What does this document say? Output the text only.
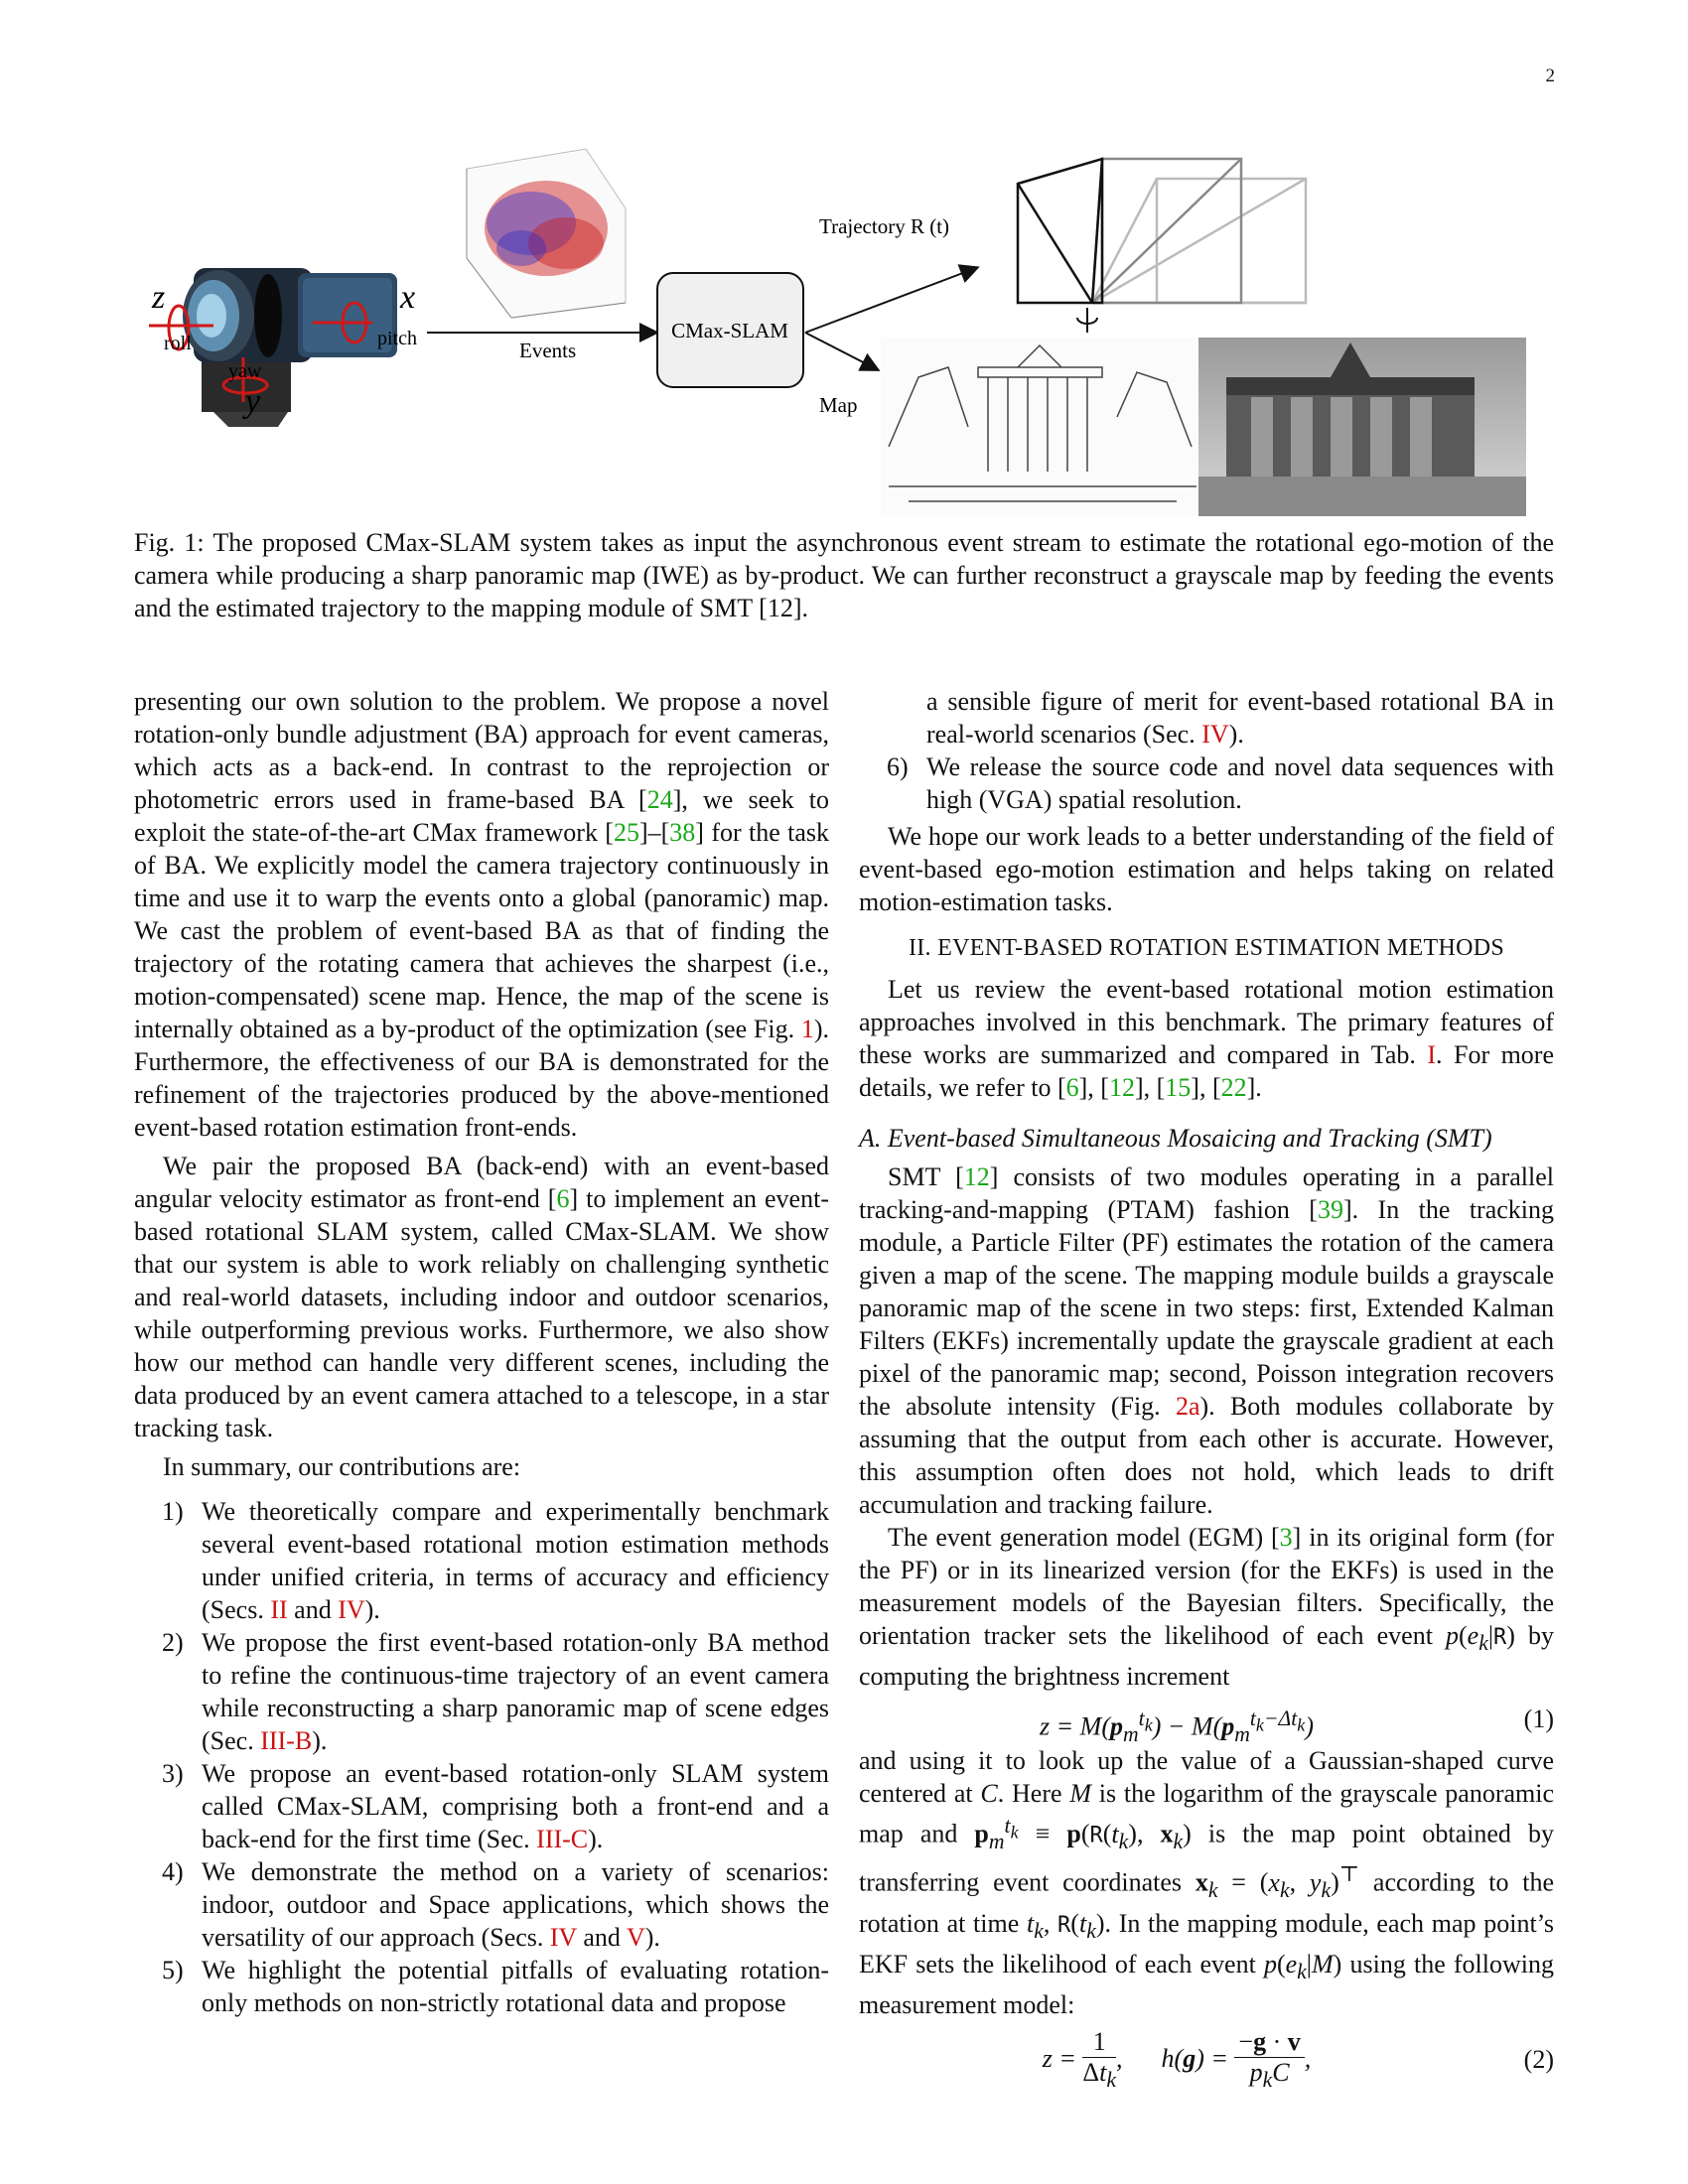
2
z	x
y
roll	pitch
yaw
Events
CMax-SLAM
Trajectory R (t)
Map
Fig. 1: The proposed CMax-SLAM system takes as input the asynchronous event stream to estimate the rotational ego-motion of the camera while producing a sharp panoramic map (IWE) as by-product. We can further reconstruct a grayscale map by feeding the events and the estimated trajectory to the mapping module of SMT [12].

presenting our own solution to the problem. We propose a novel rotation-only bundle adjustment (BA) approach for event cameras, which acts as a back-end. In contrast to the reprojection or photometric errors used in frame-based BA [24], we seek to exploit the state-of-the-art CMax framework [25]–[38] for the task of BA. We explicitly model the camera trajectory continuously in time and use it to warp the events onto a global (panoramic) map. We cast the problem of event-based BA as that of finding the trajectory of the rotating camera that achieves the sharpest (i.e., motion-compensated) scene map. Hence, the map of the scene is internally obtained as a by-product of the optimization (see Fig. 1). Furthermore, the effectiveness of our BA is demonstrated for the refinement of the trajectories produced by the above-mentioned event-based rotation estimation front-ends.

We pair the proposed BA (back-end) with an event-based angular velocity estimator as front-end [6] to implement an event-based rotational SLAM system, called CMax-SLAM. We show that our system is able to work reliably on challenging synthetic and real-world datasets, including indoor and outdoor scenarios, while outperforming previous works. Furthermore, we also show how our method can handle very different scenes, including the data produced by an event camera attached to a telescope, in a star tracking task.

In summary, our contributions are:

1) We theoretically compare and experimentally benchmark several event-based rotational motion estimation methods under unified criteria, in terms of accuracy and efficiency (Secs. II and IV).
2) We propose the first event-based rotation-only BA method to refine the continuous-time trajectory of an event camera while reconstructing a sharp panoramic map of scene edges (Sec. III-B).
3) We propose an event-based rotation-only SLAM system called CMax-SLAM, comprising both a front-end and a back-end for the first time (Sec. III-C).
4) We demonstrate the method on a variety of scenarios: indoor, outdoor and Space applications, which shows the versatility of our approach (Secs. IV and V).
5) We highlight the potential pitfalls of evaluating rotation-only methods on non-strictly rotational data and propose
a sensible figure of merit for event-based rotational BA in real-world scenarios (Sec. IV).
6) We release the source code and novel data sequences with high (VGA) spatial resolution.

We hope our work leads to a better understanding of the field of event-based ego-motion estimation and helps taking on related motion-estimation tasks.

II. EVENT-BASED ROTATION ESTIMATION METHODS

Let us review the event-based rotational motion estimation approaches involved in this benchmark. The primary features of these works are summarized and compared in Tab. I. For more details, we refer to [6], [12], [15], [22].

A. Event-based Simultaneous Mosaicing and Tracking (SMT)

SMT [12] consists of two modules operating in a parallel tracking-and-mapping (PTAM) fashion [39]. In the tracking module, a Particle Filter (PF) estimates the rotation of the camera given a map of the scene. The mapping module builds a grayscale panoramic map of the scene in two steps: first, Extended Kalman Filters (EKFs) incrementally update the grayscale gradient at each pixel of the panoramic map; second, Poisson integration recovers the absolute intensity (Fig. 2a). Both modules collaborate by assuming that the output from each other is accurate. However, this assumption often does not hold, which leads to drift accumulation and tracking failure.

The event generation model (EGM) [3] in its original form (for the PF) or in its linearized version (for the EKFs) is used in the measurement models of the Bayesian filters. Specifically, the orientation tracker sets the likelihood of each event $p(e_k|R)$ by computing the brightness increment

$z = M(p_m^{t_k}) - M(p_m^{t_k-\Delta t_k})$	(1)

and using it to look up the value of a Gaussian-shaped curve centered at C. Here M is the logarithm of the grayscale panoramic map and $p_m^{t_k} \equiv p(R(t_k)$, $x_k$) is the map point obtained by transferring event coordinates $x_k = (x_k$, $y_k)^⊤$ according to the rotation at time $t_k$, $R(t_k)$. In the mapping module, each map point’s EKF sets the likelihood of each event $p(e_k|M)$ using the following measurement model:

$z = \frac{1}{\Delta t_k}$ ,      $h(g) = \frac{-g \cdot v}{p_kC}$ ,	(2)
